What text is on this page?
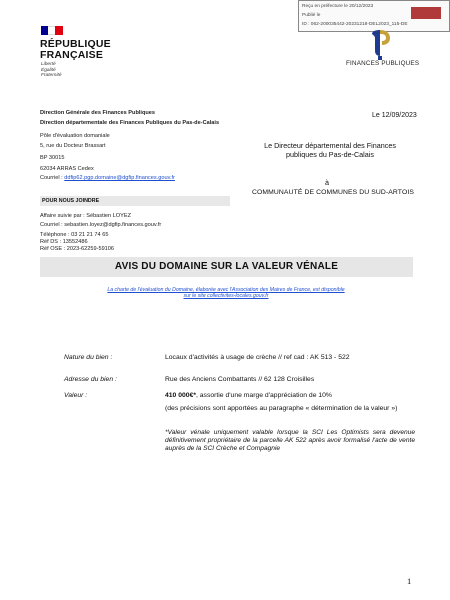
RÉPUBLIQUE
FRANÇAISE
Liberté
Égalité
Fraternité
Reçu en préfecture le 20/12/2023
Publié le
ID : 062-200035442-20231218-DEL2023_115-DE
FINANCES PUBLIQUES
Direction Générale des Finances Publiques
Direction départementale des Finances Publiques du Pas-de-Calais
Pôle d'évaluation domaniale
5, rue du Docteur Brassart
BP 30015
62034 ARRAS Cedex
Courriel : ddfip62.pgp.domaine@dgfip.finances.gouv.fr
POUR NOUS JOINDRE
Affaire suivie par : Sébastien LOYEZ
Courriel : sebastien.loyez@dgfip.finances.gouv.fr
Téléphone : 03 21 21 74 65
Réf DS : 13552486
Réf OSE : 2023-62259-59106
Le 12/09/2023
Le Directeur départemental des Finances
publiques du Pas-de-Calais
à
COMMUNAUTÉ DE COMMUNES DU SUD-ARTOIS
AVIS DU DOMAINE SUR LA VALEUR VÉNALE
La charte de l'évaluation du Domaine, élaborée avec l'Association des Maires de France, est disponible
sur le site collectivites-locales.gouv.fr
Nature du bien :	Locaux d'activités à usage de crèche // ref cad : AK 513 - 522
Adresse du bien :	Rue des Anciens Combattants // 62 128 Croisilles
Valeur :	410 000€*, assortie d'une marge d'appréciation de 10%
(des précisions sont apportées au paragraphe « détermination de la valeur »)
*Valeur vénale uniquement valable lorsque la SCI Les Optimists sera devenue définitivement propriétaire de la parcelle AK 522 après avoir formalisé l'acte de vente auprès de la SCI Crèche et Compagnie
1
